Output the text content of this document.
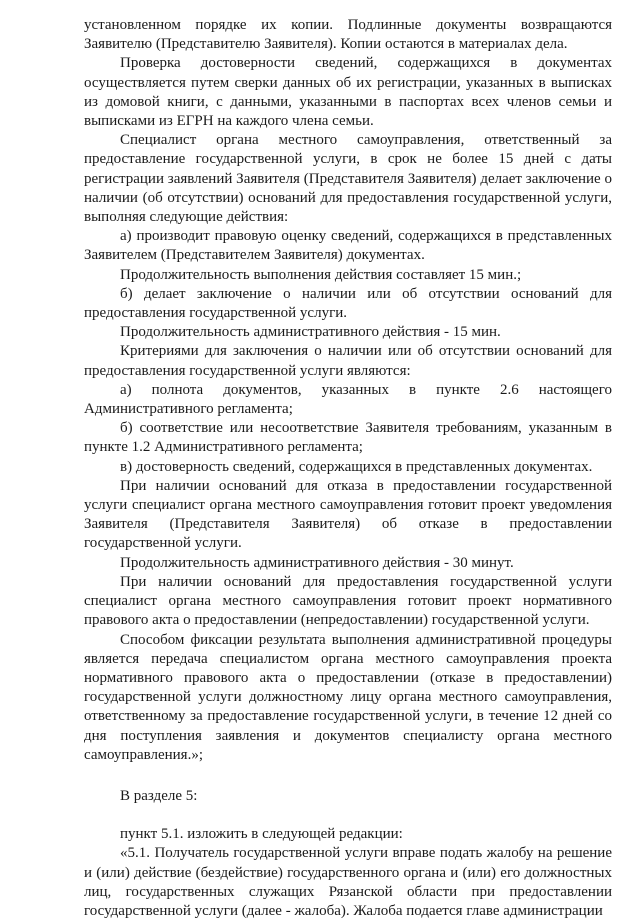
установленном порядке их копии. Подлинные документы возвращаются Заявителю (Представителю Заявителя). Копии остаются в материалах дела.

Проверка достоверности сведений, содержащихся в документах осуществляется путем сверки данных об их регистрации, указанных в выписках из домовой книги, с данными, указанными в паспортах всех членов семьи и выписками из ЕГРН на каждого члена семьи.

Специалист органа местного самоуправления, ответственный за предоставление государственной услуги, в срок не более 15 дней с даты регистрации заявлений Заявителя (Представителя Заявителя) делает заключение о наличии (об отсутствии) оснований для предоставления государственной услуги, выполняя следующие действия:

а) производит правовую оценку сведений, содержащихся в представленных Заявителем (Представителем Заявителя) документах.

Продолжительность выполнения действия составляет 15 мин.;

б) делает заключение о наличии или об отсутствии оснований для предоставления государственной услуги.

Продолжительность административного действия - 15 мин.

Критериями для заключения о наличии или об отсутствии оснований для предоставления государственной услуги являются:

а) полнота документов, указанных в пункте 2.6 настоящего Административного регламента;

б) соответствие или несоответствие Заявителя требованиям, указанным в пункте 1.2 Административного регламента;

в) достоверность сведений, содержащихся в представленных документах.

При наличии оснований для отказа в предоставлении государственной услуги специалист органа местного самоуправления готовит проект уведомления Заявителя (Представителя Заявителя) об отказе в предоставлении государственной услуги.

Продолжительность административного действия - 30 минут.

При наличии оснований для предоставления государственной услуги специалист органа местного самоуправления готовит проект нормативного правового акта о предоставлении (непредоставлении) государственной услуги.

Способом фиксации результата выполнения административной процедуры является передача специалистом органа местного самоуправления проекта нормативного правового акта о предоставлении (отказе в предоставлении) государственной услуги должностному лицу органа местного самоуправления, ответственному за предоставление государственной услуги, в течение 12 дней со дня поступления заявления и документов специалисту органа местного самоуправления.»;

В разделе 5:

пункт 5.1. изложить в следующей редакции:

«5.1. Получатель государственной услуги вправе подать жалобу на решение и (или) действие (бездействие) государственного органа и (или) его должностных лиц, государственных служащих Рязанской области при предоставлении государственной услуги (далее - жалоба). Жалоба подается главе администрации
